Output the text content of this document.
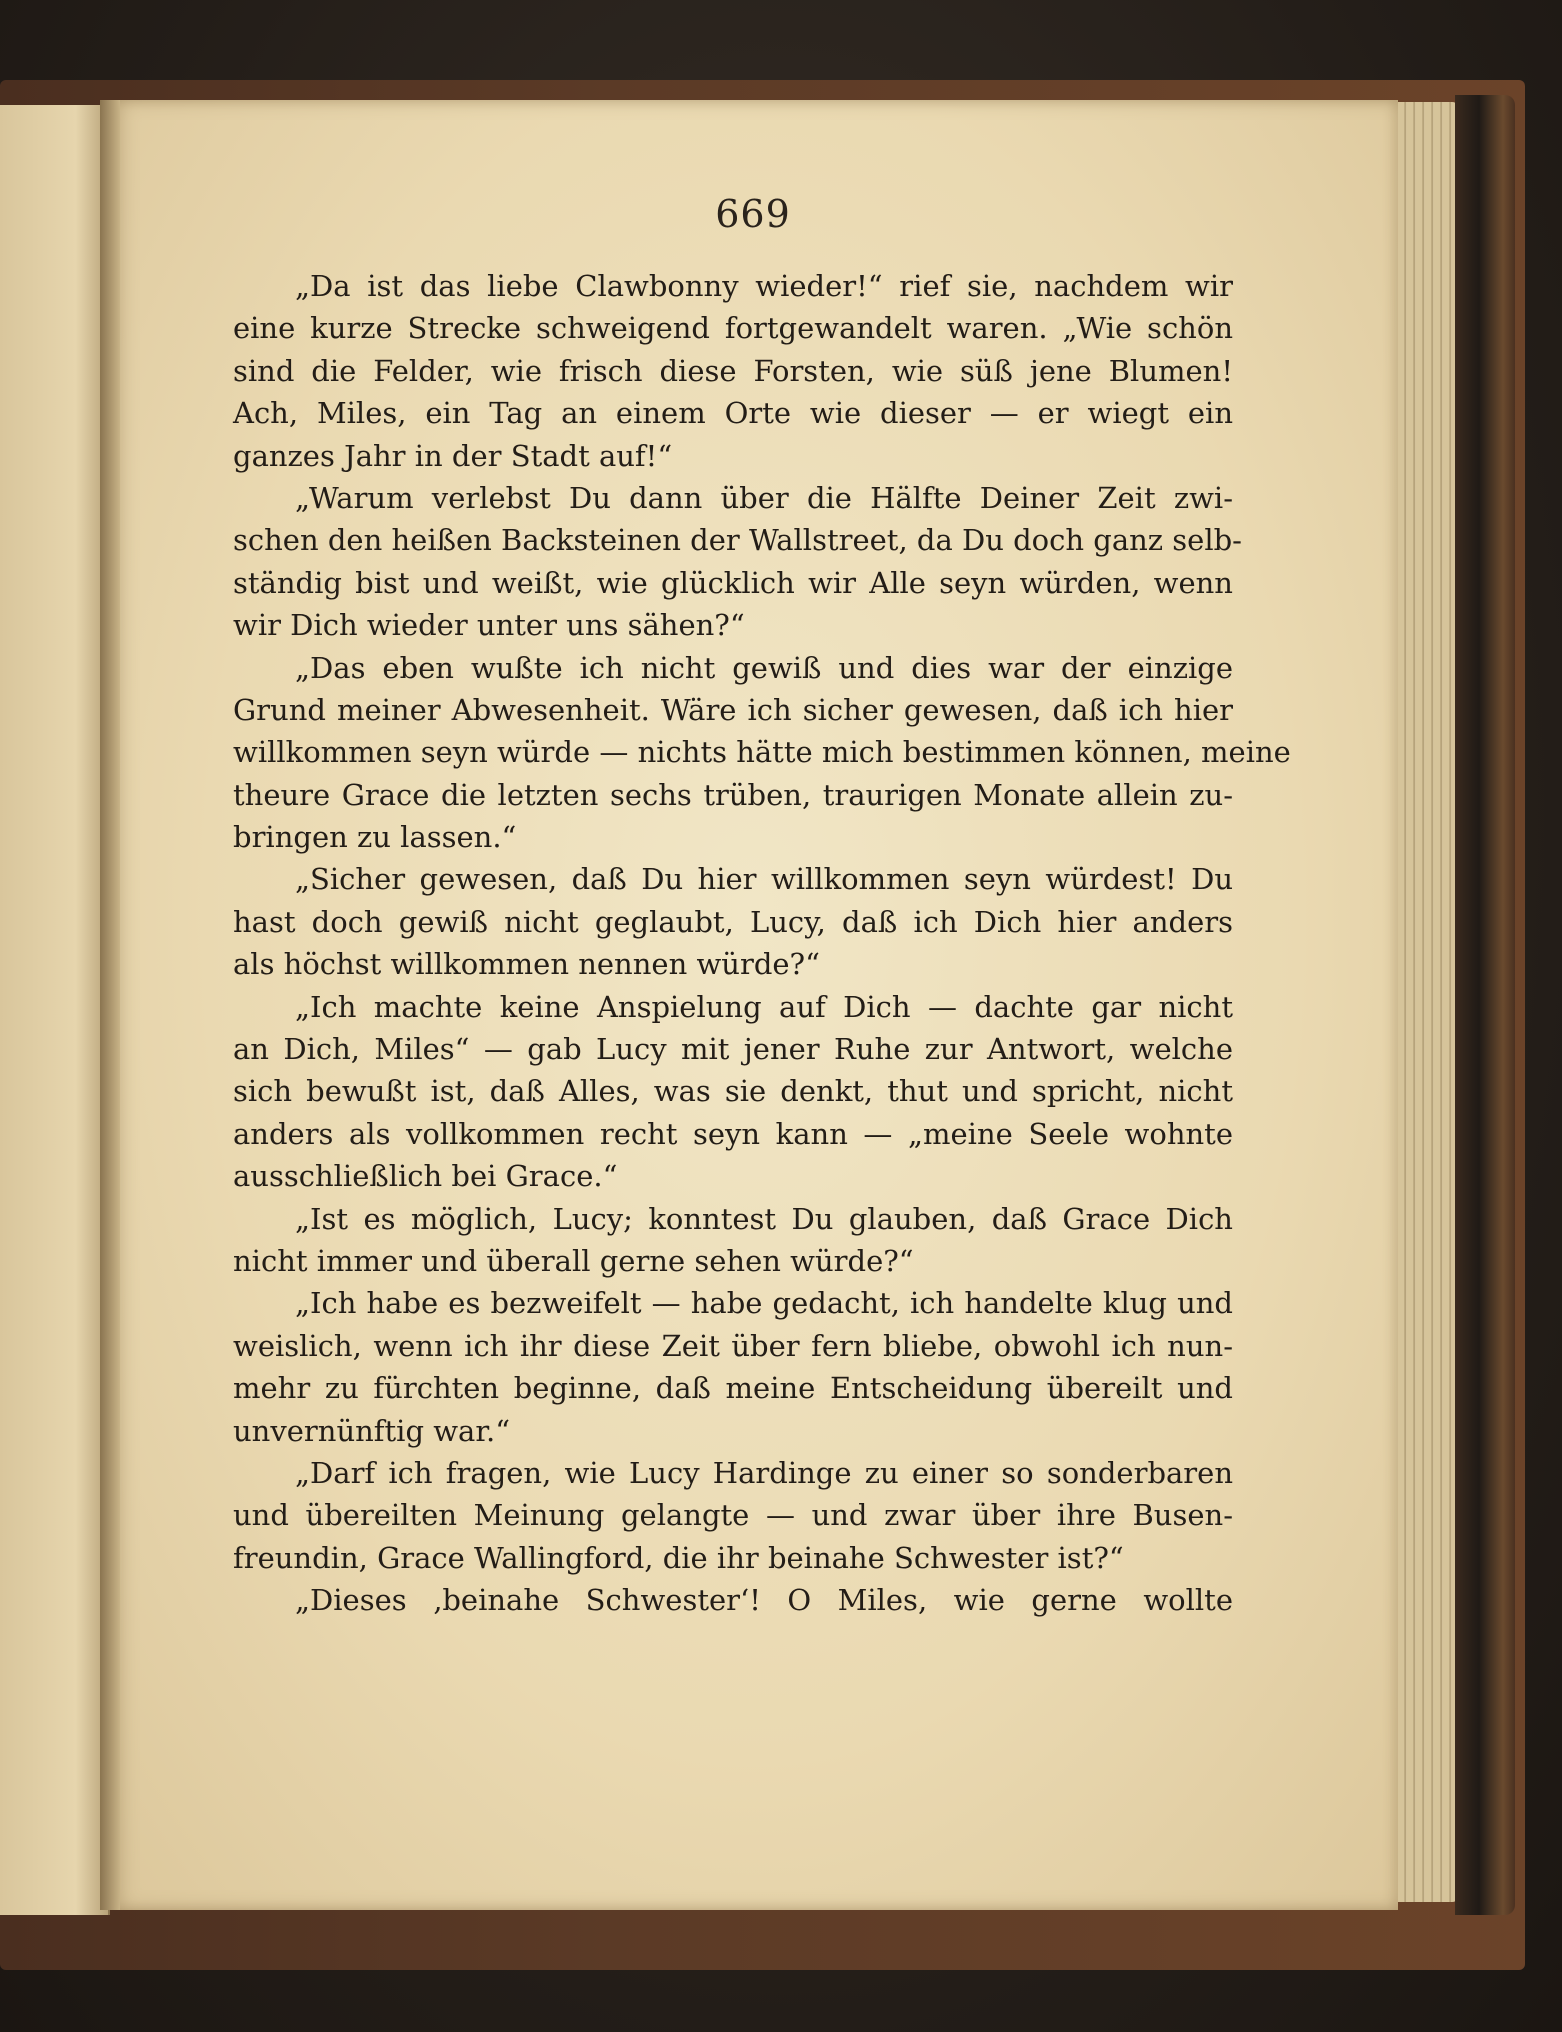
669
„Da ist das liebe Clawbonny wieder!“ rief sie, nachdem wir
eine kurze Strecke schweigend fortgewandelt waren. „Wie schön
sind die Felder, wie frisch diese Forsten, wie süß jene Blumen!
Ach, Miles, ein Tag an einem Orte wie dieser — er wiegt ein
ganzes Jahr in der Stadt auf!“
„Warum verlebst Du dann über die Hälfte Deiner Zeit zwi-
schen den heißen Backsteinen der Wallstreet, da Du doch ganz selb-
ständig bist und weißt, wie glücklich wir Alle seyn würden, wenn
wir Dich wieder unter uns sähen?“
„Das eben wußte ich nicht gewiß und dies war der einzige
Grund meiner Abwesenheit. Wäre ich sicher gewesen, daß ich hier
willkommen seyn würde — nichts hätte mich bestimmen können, meine
theure Grace die letzten sechs trüben, traurigen Monate allein zu-
bringen zu lassen.“
„Sicher gewesen, daß Du hier willkommen seyn würdest! Du
hast doch gewiß nicht geglaubt, Lucy, daß ich Dich hier anders
als höchst willkommen nennen würde?“
„Ich machte keine Anspielung auf Dich — dachte gar nicht
an Dich, Miles“ — gab Lucy mit jener Ruhe zur Antwort, welche
sich bewußt ist, daß Alles, was sie denkt, thut und spricht, nicht
anders als vollkommen recht seyn kann — „meine Seele wohnte
ausschließlich bei Grace.“
„Ist es möglich, Lucy; konntest Du glauben, daß Grace Dich
nicht immer und überall gerne sehen würde?“
„Ich habe es bezweifelt — habe gedacht, ich handelte klug und
weislich, wenn ich ihr diese Zeit über fern bliebe, obwohl ich nun-
mehr zu fürchten beginne, daß meine Entscheidung übereilt und
unvernünftig war.“
„Darf ich fragen, wie Lucy Hardinge zu einer so sonderbaren
und übereilten Meinung gelangte — und zwar über ihre Busen-
freundin, Grace Wallingford, die ihr beinahe Schwester ist?“
„Dieses ‚beinahe Schwester‘! O Miles, wie gerne wollte
